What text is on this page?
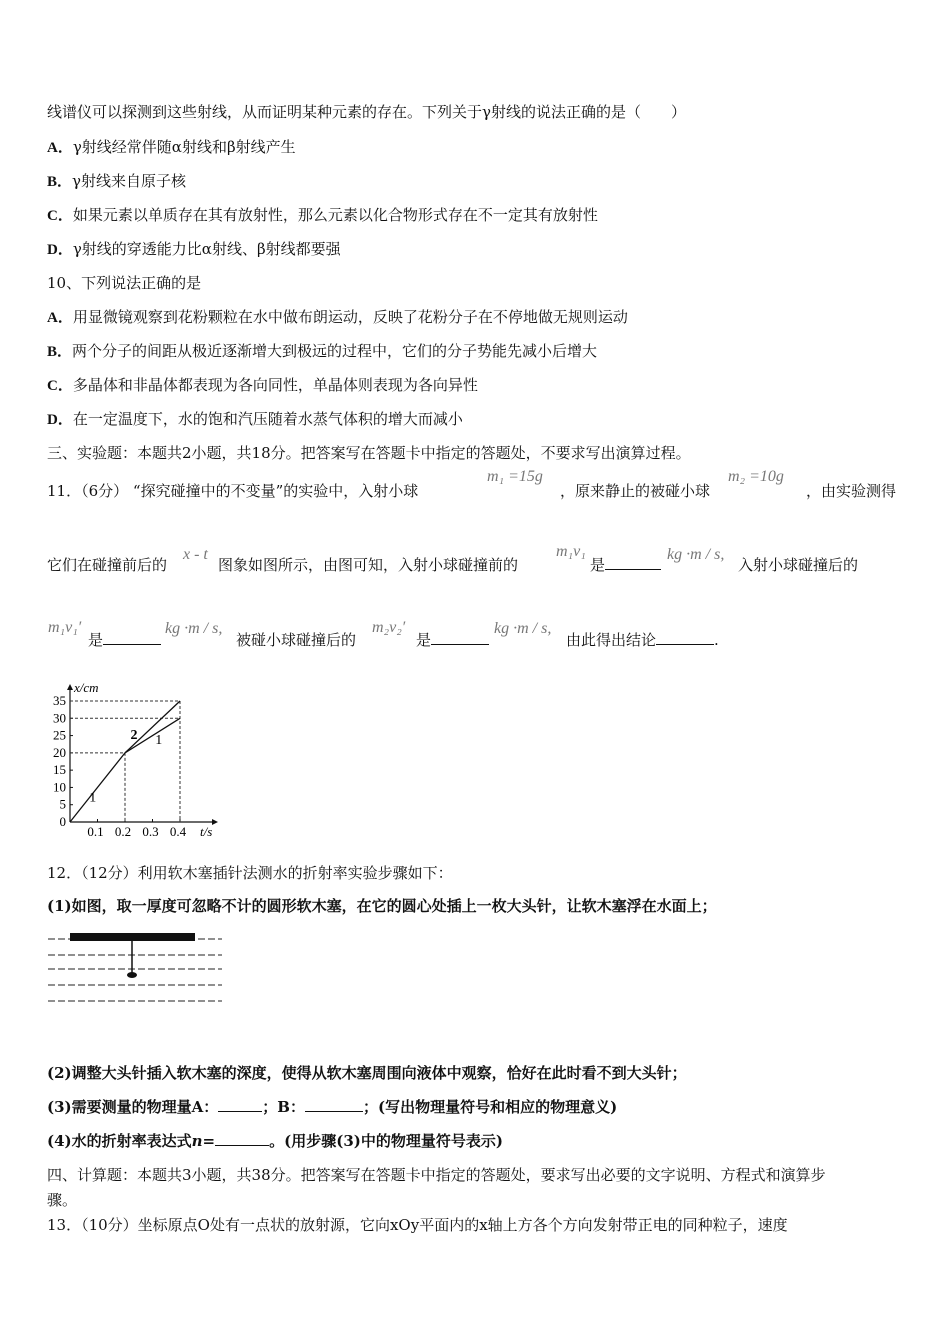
线谱仪可以探测到这些射线，从而证明某种元素的存在。下列关于γ射线的说法正确的是（　　）
A．γ射线经常伴随α射线和β射线产生
B．γ射线来自原子核
C．如果元素以单质存在其有放射性，那么元素以化合物形式存在不一定其有放射性
D．γ射线的穿透能力比α射线、β射线都要强
10、下列说法正确的是
A．用显微镜观察到花粉颗粒在水中做布朗运动，反映了花粉分子在不停地做无规则运动
B．两个分子的间距从极近逐渐增大到极远的过程中，它们的分子势能先减小后增大
C．多晶体和非晶体都表现为各向同性，单晶体则表现为各向异性
D．在一定温度下，水的饱和汽压随着水蒸气体积的增大而减小
三、实验题：本题共2小题，共18分。把答案写在答题卡中指定的答题处，不要求写出演算过程。
11．（6分） “探究碰撞中的不变量”的实验中，入射小球
m₁ =15g
，原来静止的被碰小球
m₂ =10g
，由实验测得
它们在碰撞前后的
x - t
图象如图所示，由图可知，入射小球碰撞前的
m₁v₁
是
kg ·m / s,
入射小球碰撞后的
m₁v₁′
是
kg ·m / s,
被碰小球碰撞后的
m₂v₂′
是
kg ·m / s,
由此得出结论	.
0
5
10
15
20
25
30
35
0.1 0.2 0.3 0.4
x/cm
t/s
1
2 1
12．（12分）利用软木塞插针法测水的折射率实验步骤如下：
(1)如图，取一厚度可忽略不计的圆形软木塞，在它的圆心处插上一枚大头针，让软木塞浮在水面上；
(2)调整大头针插入软木塞的深度，使得从软木塞周围向液体中观察，恰好在此时看不到大头针；
(3)需要测量的物理量A：	；B：	；(写出物理量符号和相应的物理意义)
(4)水的折射率表达式n=	。(用步骤(3)中的物理量符号表示)
四、计算题：本题共3小题，共38分。把答案写在答题卡中指定的答题处，要求写出必要的文字说明、方程式和演算步
骤。
13．（10分）坐标原点O处有一点状的放射源，它向xOy平面内的x轴上方各个方向发射带正电的同种粒子，速度
